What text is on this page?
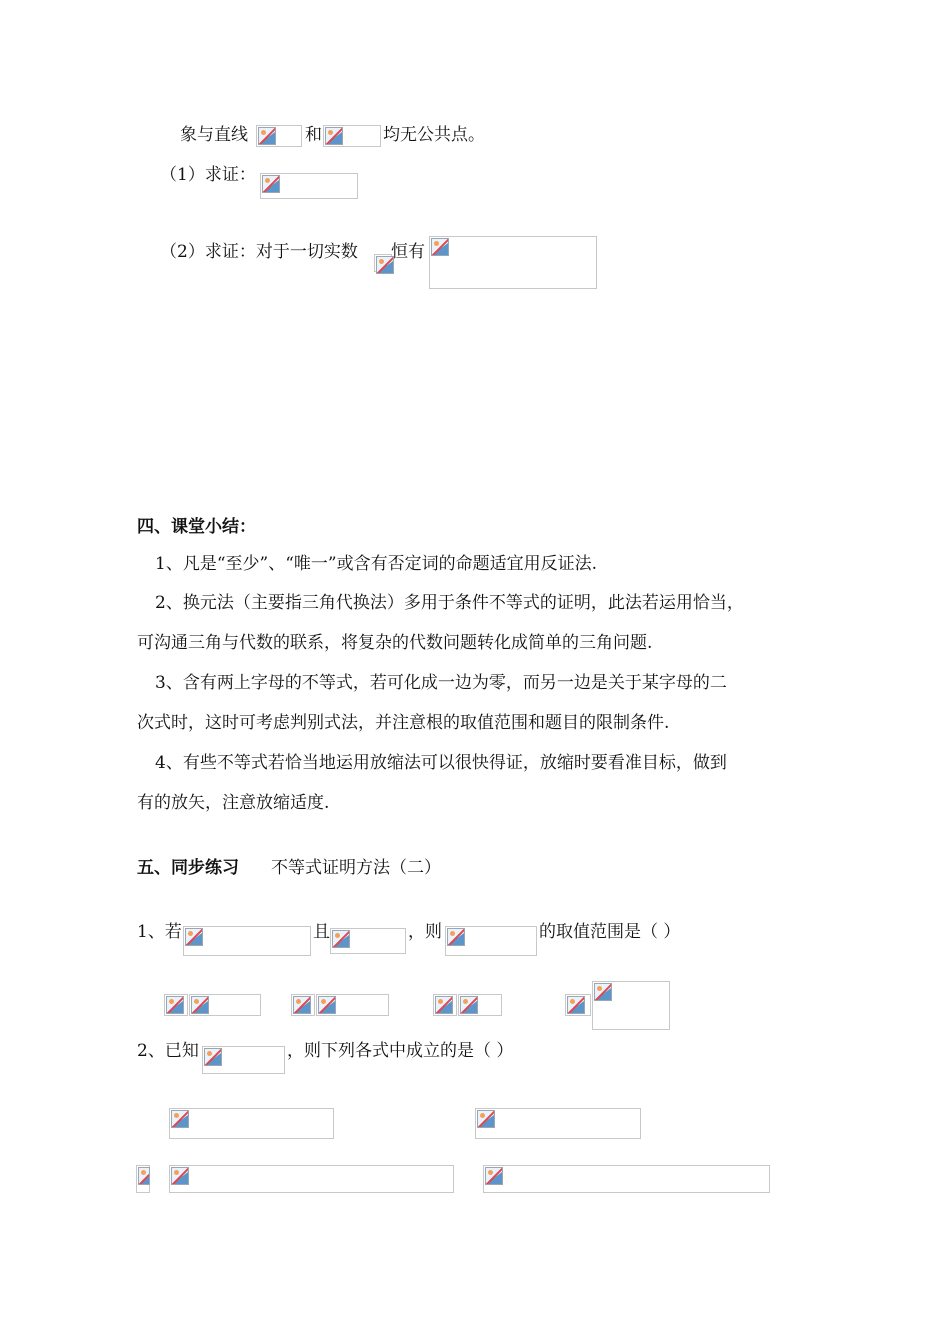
象与直线	和	均无公共点。
（1）求证：
（2）求证：对于一切实数 恒有
四、课堂小结：
1、凡是“至少”、“唯一”或含有否定词的命题适宜用反证法.
2、换元法（主要指三角代换法）多用于条件不等式的证明，此法若运用恰当，
可沟通三角与代数的联系，将复杂的代数问题转化成简单的三角问题.
3、含有两上字母的不等式，若可化成一边为零，而另一边是关于某字母的二
次式时，这时可考虑判别式法，并注意根的取值范围和题目的限制条件.
4、有些不等式若恰当地运用放缩法可以很快得证，放缩时要看准目标，做到
有的放矢，注意放缩适度.
五、同步练习 不等式证明方法（二）
1、若	且	，则	的取值范围是（ ）
2、已知	，则下列各式中成立的是（ ）
